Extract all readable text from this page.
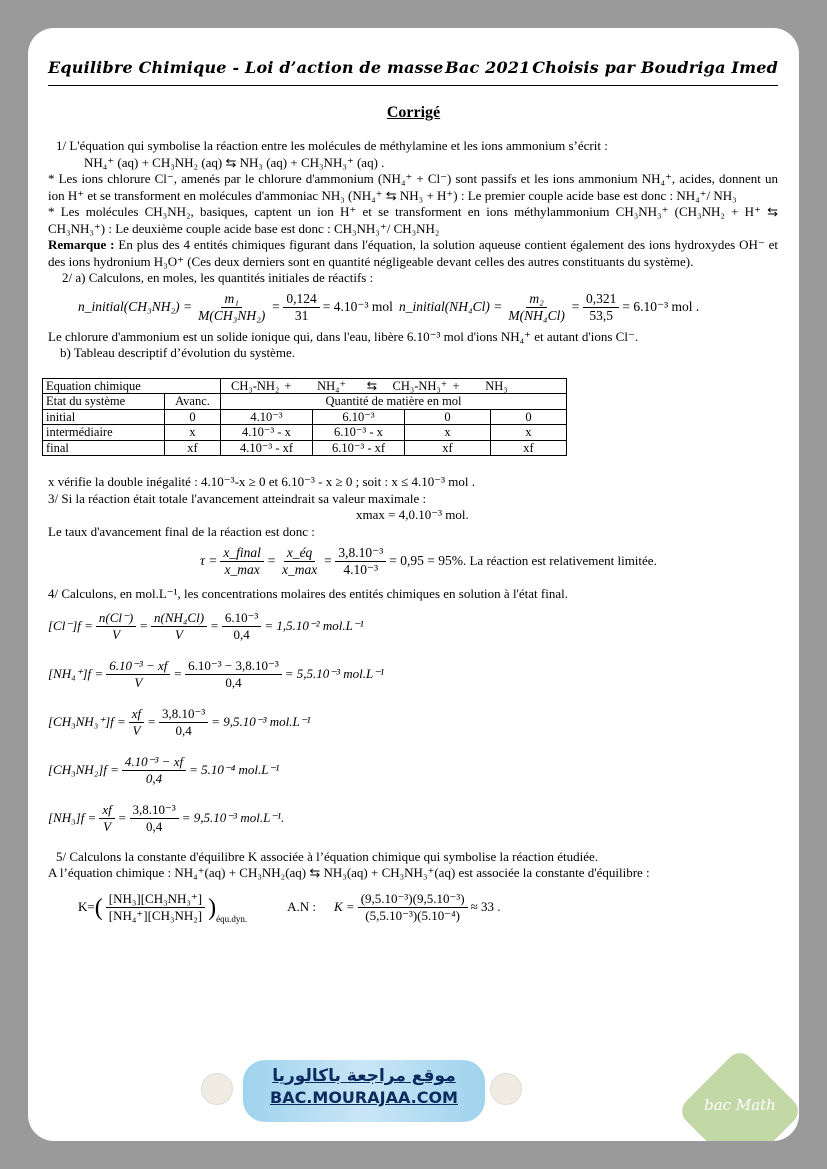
Equilibre Chimique - Loi d’action de masse Bac 2021 Choisis par Boudriga Imed
Corrigé

1/ L'équation qui symbolise la réaction entre les molécules de méthylamine et les ions ammonium s’écrit :

NH₄⁺ (aq) + CH₃NH₂ (aq) ⇆ NH₃ (aq) + CH₃NH₃⁺ (aq) .

* Les ions chlorure Cl⁻, amenés par le chlorure d'ammonium (NH₄⁺ + Cl⁻) sont passifs et les ions ammonium NH₄⁺, acides, donnent un ion H⁺ et se transforment en molécules d'ammoniac NH₃ (NH₄⁺ ⇆ NH₃ + H⁺) : Le premier couple acide base est donc : NH₄⁺/ NH₃

* Les molécules CH₃NH₂, basiques, captent un ion H⁺ et se transforment en ions méthylammonium CH₃NH₃⁺ (CH₃NH₂ + H⁺ ⇆ CH₃NH₃⁺) : Le deuxième couple acide base est donc : CH₃NH₃⁺/ CH₃NH₂

Remarque : En plus des 4 entités chimiques figurant dans l'équation, la solution aqueuse contient également des ions hydroxydes OH⁻ et des ions hydronium H₃O⁺ (Ces deux derniers sont en quantité négligeable devant celles des autres constituants du système).

2/ a) Calculons, en moles, les quantités initiales de réactifs :

n_initial(CH₃NH₂) = $\frac{\text{m₁}}{\text{M(CH₃NH₂)}} = \frac{0,124}{31} = 4.10^{-3}$ mol n_initial(NH₄Cl) = $\frac{\text{m₂}}{\text{M(NH₄Cl)}} = \frac{0,321}{53,5} = 6.10^{-3}$ mol .

Le chlorure d'ammonium est un solide ionique qui, dans l'eau, libère 6.10⁻³ mol d'ions NH₄⁺ et autant d'ions Cl⁻.

b) Tableau descriptif d’évolution du système.

Equation chimique		CH₃-NH₂ + NH₄⁺ ⇆ CH₃-NH₃⁺ + NH₃			
Etat du système	Avanc.	Quantité de matière en mol			
initial	0	4.10⁻³	6.10⁻³	0	0
intermédiaire	x	4.10⁻³ - x	6.10⁻³ - x	x	x
final	xf	4.10⁻³ - xf	6.10⁻³ - xf	xf	xf

x vérifie la double inégalité : 4.10⁻³-x ≥ 0 et 6.10⁻³ - x ≥ 0 ; soit : x ≤ 4.10⁻³ mol .

3/ Si la réaction était totale l'avancement atteindrait sa valeur maximale :

xmax = 4,0.10⁻³ mol.

Le taux d'avancement final de la réaction est donc :

$\tau = \frac{\text{x\_final}}{x\_\max} = \frac{x\_éq}{x\_\max} = \frac{\text{3,8.10⁻³}}{\text{4.10⁻³}} = 0,95 = 95\%$ . La réaction est relativement limitée.

4/ Calculons, en mol.L⁻¹, les concentrations molaires des entités chimiques en solution à l'état final.

$[Cl^-]f = \frac{n(Cl^-)}{V} = \frac{\text{n(NH₄Cl)}}{V} = \frac{\text{6.10⁻³}}{0,4} = 1,5.10^{-2}$ mol.L⁻¹
$[NH_4^+]f = \frac{\text{6.10⁻³ − xf}}{V} = \frac{\text{6.10⁻³ − 3,8.10⁻³}}{0,4} = 5,5.10^{-3}$ mol.L⁻¹
$[CH_3NH_3^+]f = \frac{xf}{V} = \frac{\text{3,8.10⁻³}}{0,4} = 9,5.10^{-3}$ mol.L⁻¹
$[CH_3NH_2]f = \frac{\text{4.10⁻³ − xf}}{0,4} = 5.10^{-4}$ mol.L⁻¹
$[NH_3]f = \frac{xf}{V} = \frac{\text{3,8.10⁻³}}{0,4} = 9,5.10^{-3}$ mol.L⁻¹.

5/ Calculons la constante d'équilibre K associée à l’équation chimique qui symbolise la réaction étudiée.

A l’équation chimique : NH₄⁺(aq) + CH₃NH₂(aq) ⇆ NH₃(aq) + CH₃NH₃⁺(aq) est associée la constante d'équilibre :

K= ( $\frac{\text{[NH₃][CH₃NH₃⁺]}}{\text{[NH₄⁺][CH₃NH₂]}}$ ) équ.dyn.
A.N : $K = \frac{\text{(9,5.10⁻³)(9,5.10⁻³)}}{\text{(5,5.10⁻³)(5.10⁻⁴)}} \approx 33$ .
bac Math
موقع مراجعة باكالوريا
BAC.MOURAJAA.COM
